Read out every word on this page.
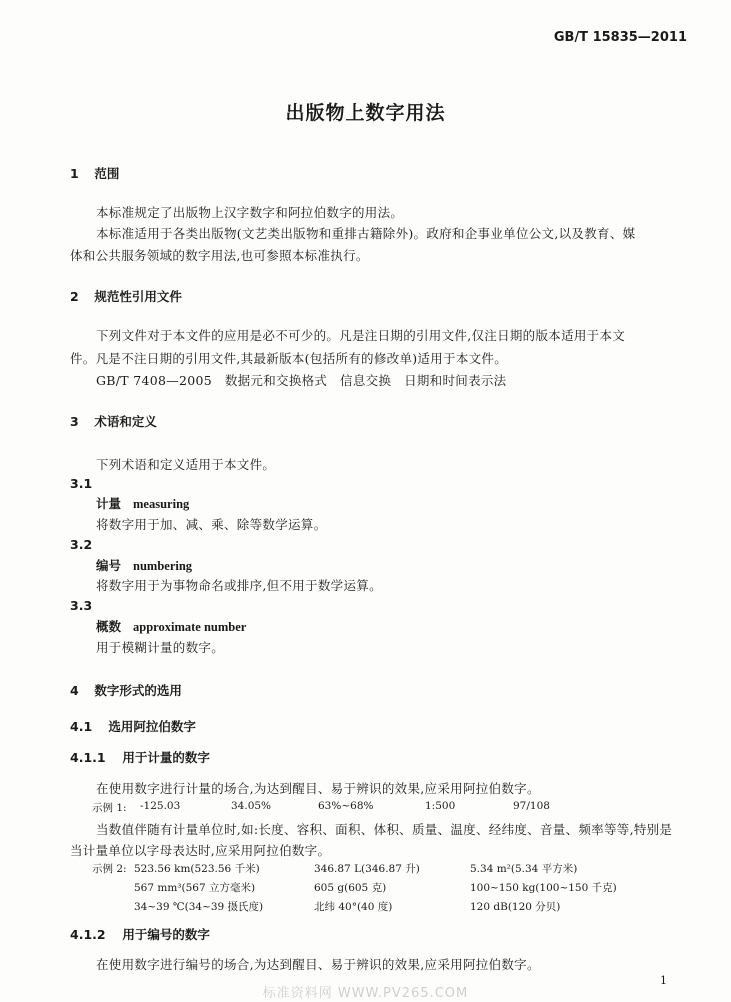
GB/T 15835—2011
出版物上数字用法
1 范围
本标准规定了出版物上汉字数字和阿拉伯数字的用法。
本标准适用于各类出版物(文艺类出版物和重排古籍除外)。政府和企事业单位公文,以及教育、媒
体和公共服务领域的数字用法,也可参照本标准执行。
2 规范性引用文件
下列文件对于本文件的应用是必不可少的。凡是注日期的引用文件,仅注日期的版本适用于本文
件。凡是不注日期的引用文件,其最新版本(包括所有的修改单)适用于本文件。
GB/T 7408—2005   数据元和交换格式   信息交换   日期和时间表示法
3 术语和定义
下列术语和定义适用于本文件。
3.1
计量 measuring
将数字用于加、减、乘、除等数学运算。
3.2
编号 numbering
将数字用于为事物命名或排序,但不用于数学运算。
3.3
概数 approximate number
用于模糊计量的数字。
4 数字形式的选用
4.1 选用阿拉伯数字
4.1.1 用于计量的数字
在使用数字进行计量的场合,为达到醒目、易于辨识的效果,应采用阿拉伯数字。
示例 1: -125.03	34.05%	63%~68%	1:500	97/108
当数值伴随有计量单位时,如:长度、容积、面积、体积、质量、温度、经纬度、音量、频率等等,特别是
当计量单位以字母表达时,应采用阿拉伯数字。
示例 2: 523.56 km(523.56 千米)	346.87 L(346.87 升)	5.34 m²(5.34 平方米)
567 mm³(567 立方毫米)	605 g(605 克)	100~150 kg(100~150 千克)
34~39 ℃(34~39 摄氏度)	北纬 40°(40 度)	120 dB(120 分贝)
4.1.2 用于编号的数字
在使用数字进行编号的场合,为达到醒目、易于辨识的效果,应采用阿拉伯数字。
1
标准资料网 WWW.PV265.COM
